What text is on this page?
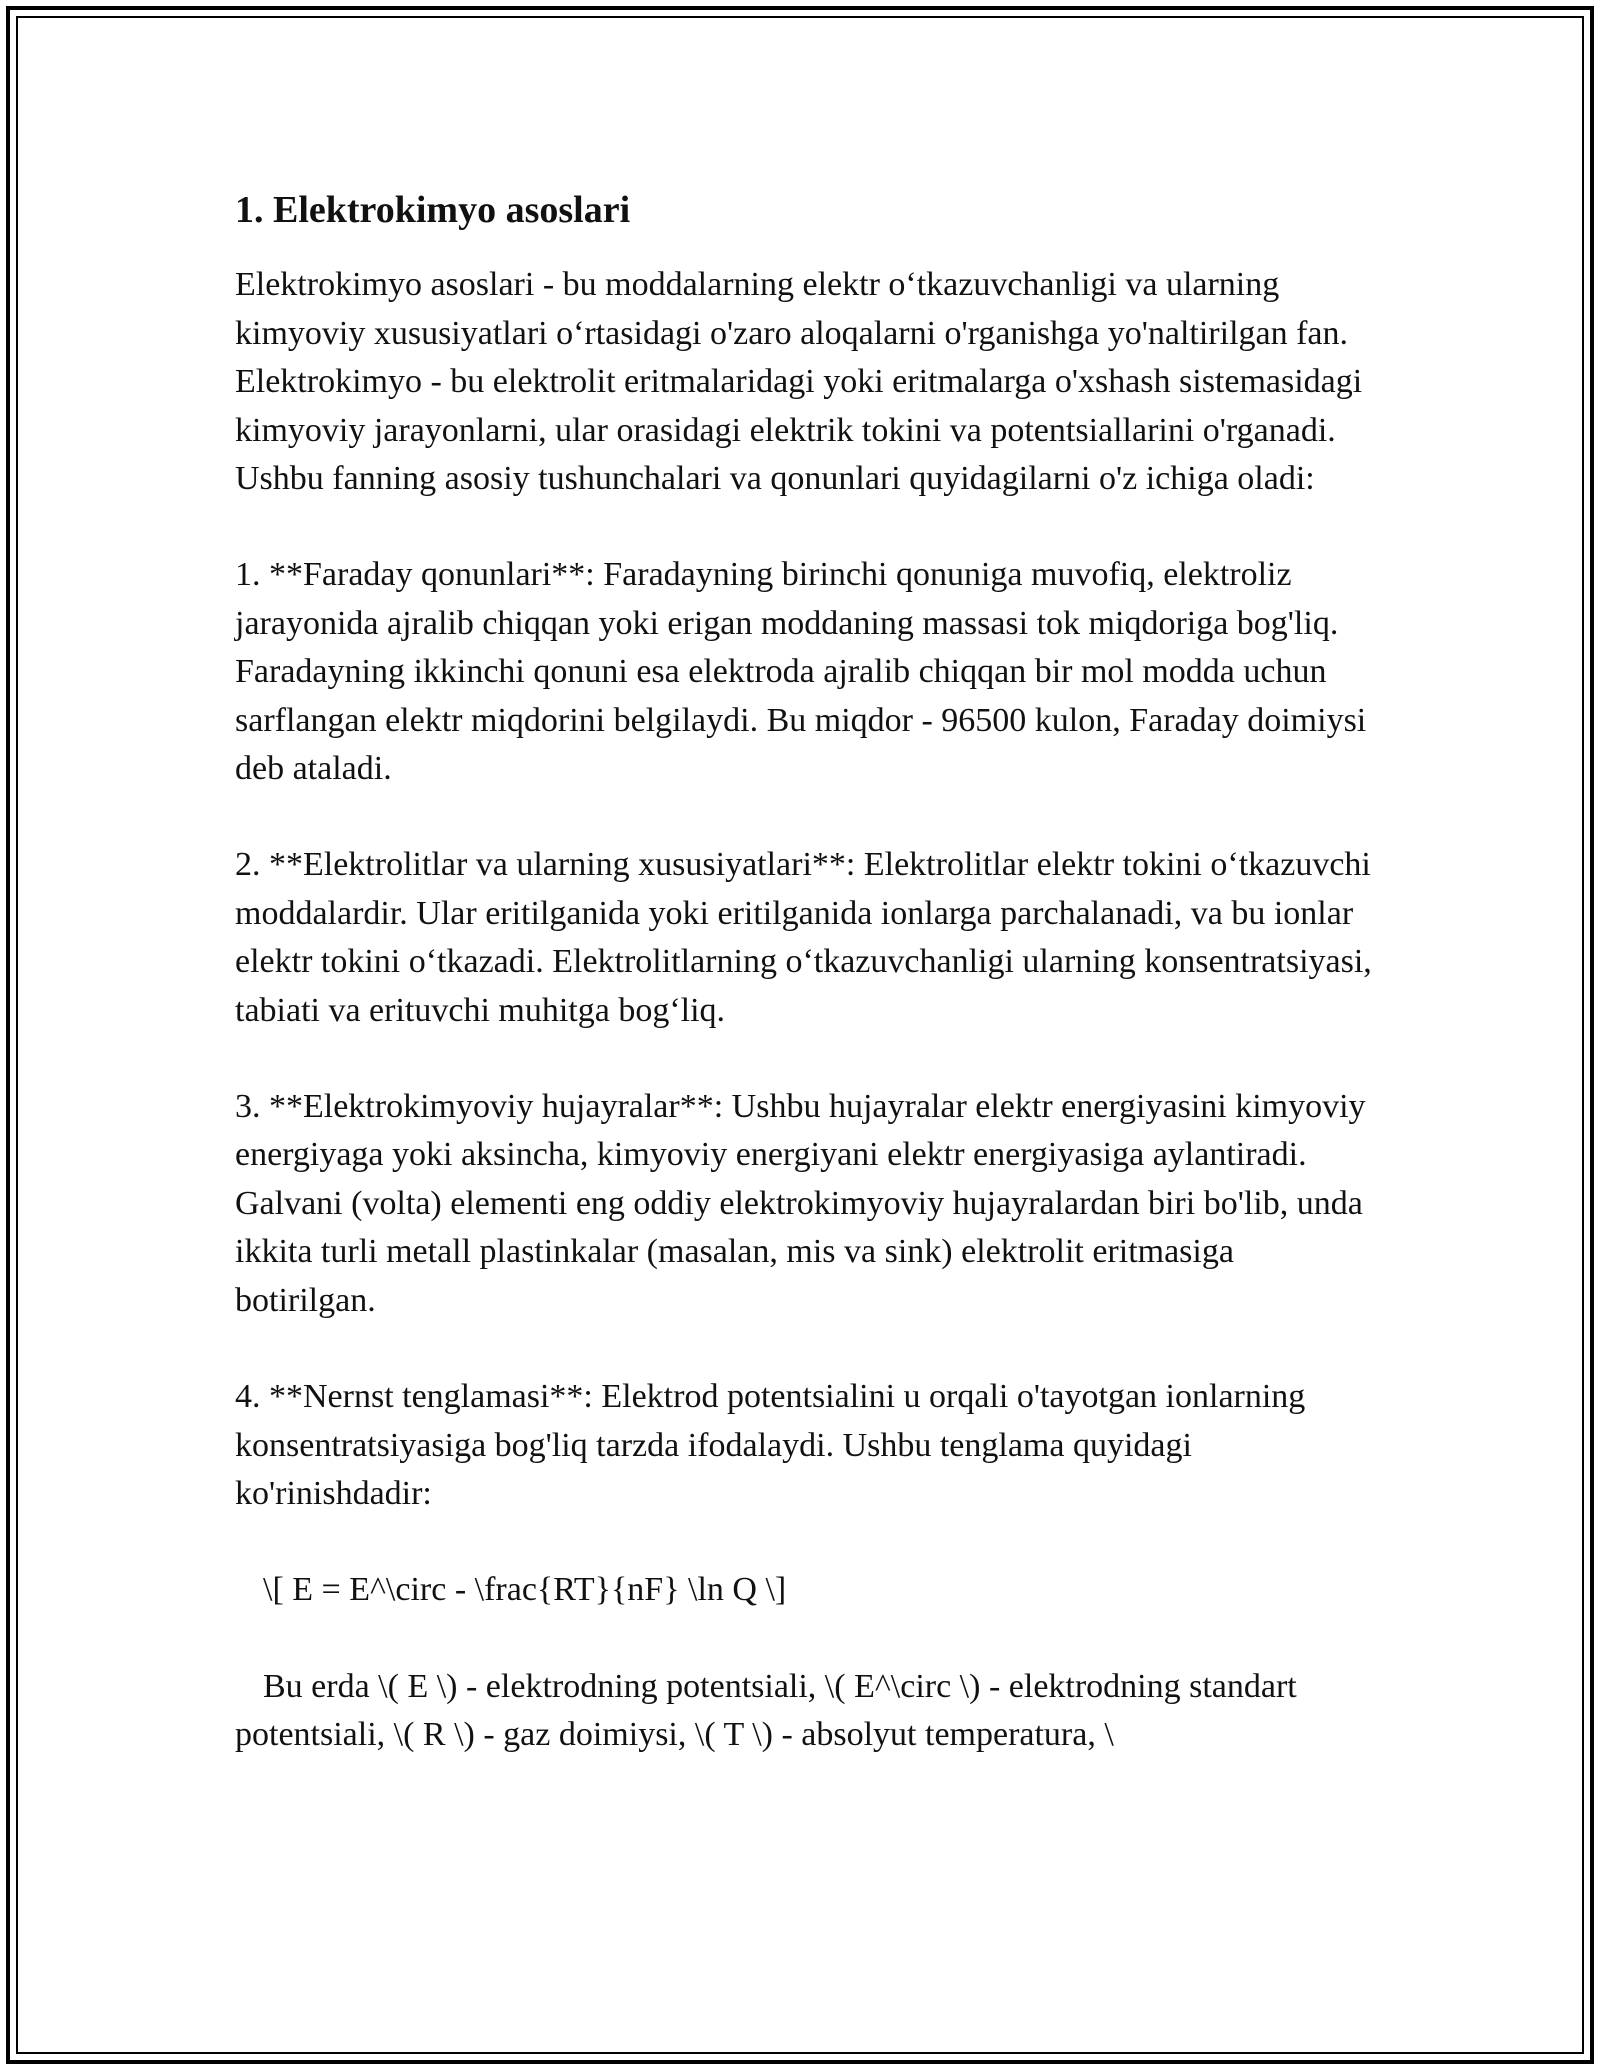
1. Elektrokimyo asoslari

Elektrokimyo asoslari - bu moddalarning elektr o‘tkazuvchanligi va ularning kimyoviy xususiyatlari o‘rtasidagi o'zaro aloqalarni o'rganishga yo'naltirilgan fan. Elektrokimyo - bu elektrolit eritmalaridagi yoki eritmalarga o'xshash sistemasidagi kimyoviy jarayonlarni, ular orasidagi elektrik tokini va potentsiallarini o'rganadi. Ushbu fanning asosiy tushunchalari va qonunlari quyidagilarni o'z ichiga oladi:

1. **Faraday qonunlari**: Faradayning birinchi qonuniga muvofiq, elektroliz jarayonida ajralib chiqqan yoki erigan moddaning massasi tok miqdoriga bog'liq. Faradayning ikkinchi qonuni esa elektroda ajralib chiqqan bir mol modda uchun sarflangan elektr miqdorini belgilaydi. Bu miqdor - 96500 kulon, Faraday doimiysi deb ataladi.

2. **Elektrolitlar va ularning xususiyatlari**: Elektrolitlar elektr tokini o‘tkazuvchi moddalardir. Ular eritilganida yoki eritilganida ionlarga parchalanadi, va bu ionlar elektr tokini o‘tkazadi. Elektrolitlarning o‘tkazuvchanligi ularning konsentratsiyasi, tabiati va erituvchi muhitga bog‘liq.

3. **Elektrokimyoviy hujayralar**: Ushbu hujayralar elektr energiyasini kimyoviy energiyaga yoki aksincha, kimyoviy energiyani elektr energiyasiga aylantiradi. Galvani (volta) elementi eng oddiy elektrokimyoviy hujayralardan biri bo'lib, unda ikkita turli metall plastinkalar (masalan, mis va sink) elektrolit eritmasiga botirilgan.

4. **Nernst tenglamasi**: Elektrod potentsialini u orqali o'tayotgan ionlarning konsentratsiyasiga bog'liq tarzda ifodalaydi. Ushbu tenglama quyidagi ko'rinishdadir:

\[ E = E^\circ - \frac{RT}{nF} \ln Q \]

Bu erda \( E \) - elektrodning potentsiali, \( E^\circ \) - elektrodning standart potentsiali, \( R \) - gaz doimiysi, \( T \) - absolyut temperatura, \
